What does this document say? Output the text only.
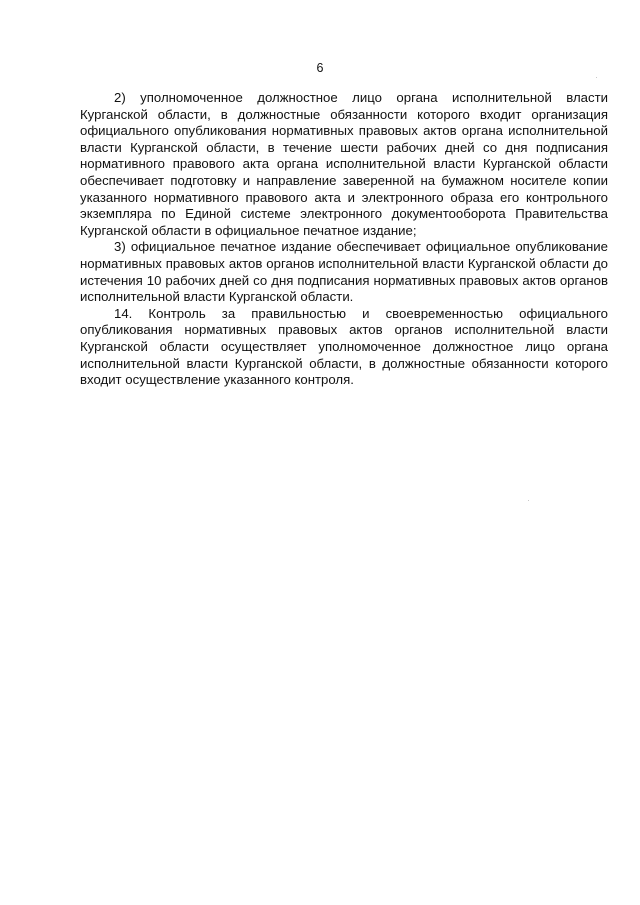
6

2) уполномоченное должностное лицо органа исполнительной власти Курганской области, в должностные обязанности которого входит организация официального опубликования нормативных правовых актов органа исполнительной власти Курганской области, в течение шести рабочих дней со дня подписания нормативного правового акта органа исполнительной власти Курганской области обеспечивает подготовку и направление заверенной на бумажном носителе копии указанного нормативного правового акта и электронного образа его контрольного экземпляра по Единой системе электронного документооборота Правительства Курганской области в официальное печатное издание;

3) официальное печатное издание обеспечивает официальное опубликование нормативных правовых актов органов исполнительной власти Курганской области до истечения 10 рабочих дней со дня подписания нормативных правовых актов органов исполнительной власти Курганской области.

14. Контроль за правильностью и своевременностью официального опубликования нормативных правовых актов органов исполнительной власти Курганской области осуществляет уполномоченное должностное лицо органа исполнительной власти Курганской области, в должностные обязанности которого входит осуществление указанного контроля.
